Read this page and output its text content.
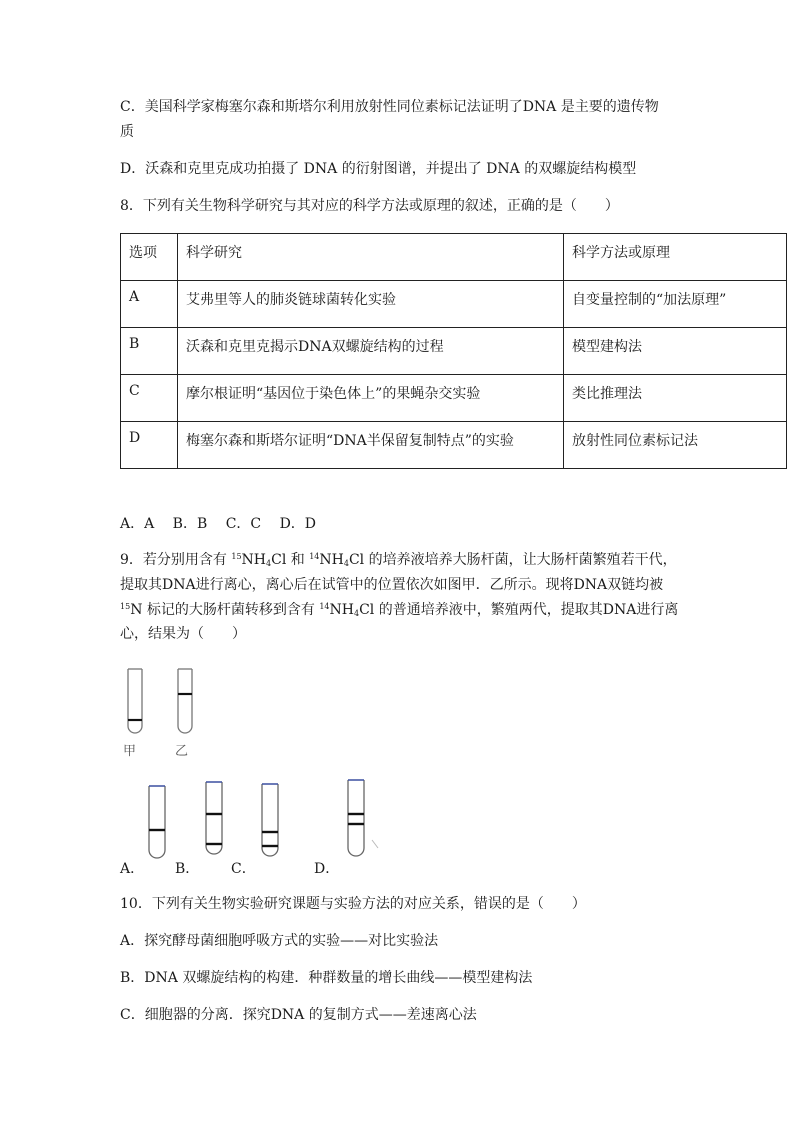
C．美国科学家梅塞尔森和斯塔尔利用放射性同位素标记法证明了DNA 是主要的遗传物
质
D．沃森和克里克成功拍摄了 DNA 的衍射图谱，并提出了 DNA 的双螺旋结构模型
8．下列有关生物科学研究与其对应的科学方法或原理的叙述，正确的是（　　）
选项	科学研究	科学方法或原理
A	艾弗里等人的肺炎链球菌转化实验	自变量控制的“加法原理”
B	沃森和克里克揭示DNA双螺旋结构的过程	模型建构法
C	摩尔根证明“基因位于染色体上”的果蝇杂交实验	类比推理法
D	梅塞尔森和斯塔尔证明“DNA半保留复制特点”的实验	放射性同位素标记法
A．A　 B．B　 C．C　 D．D
9．若分别用含有 $^{15}NH_4Cl$ 和 $^{14}NH_4Cl$ 的培养液培养大肠杆菌，让大肠杆菌繁殖若干代，
提取其DNA进行离心，离心后在试管中的位置依次如图甲．乙所示。现将DNA双链均被
$^{15}$N 标记的大肠杆菌转移到含有 $^{14}NH_4Cl$ 的普通培养液中，繁殖两代，提取其DNA进行离
心，结果为（　　）
甲	乙
A． B． C．	D．
10．下列有关生物实验研究课题与实验方法的对应关系，错误的是（　　）
A．探究酵母菌细胞呼吸方式的实验——对比实验法
B．DNA 双螺旋结构的构建．种群数量的增长曲线——模型建构法
C．细胞器的分离．探究DNA 的复制方式——差速离心法
